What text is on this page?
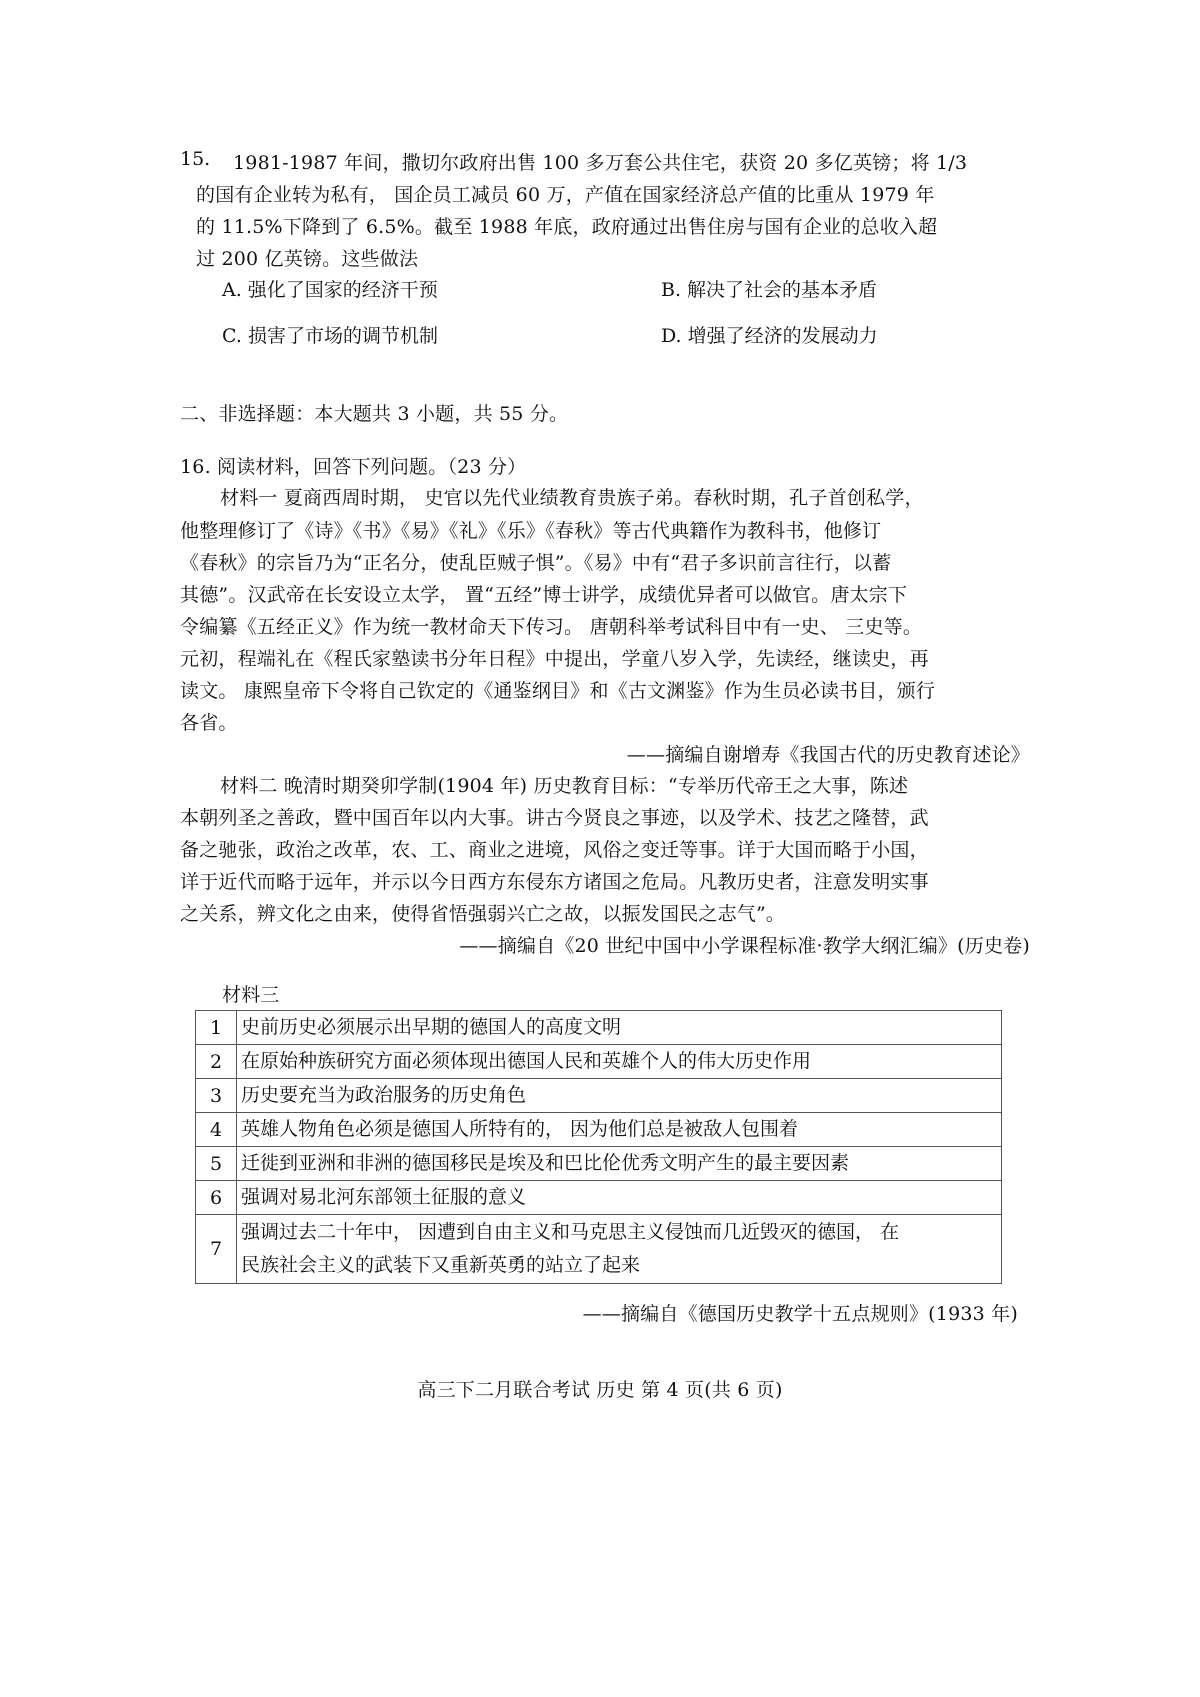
15. 1981-1987 年间，撒切尔政府出售 100 多万套公共住宅，获资 20 多亿英镑；将 1/3
的国有企业转为私有， 国企员工减员 60 万，产值在国家经济总产值的比重从 1979 年
的 11.5%下降到了 6.5%。截至 1988 年底，政府通过出售住房与国有企业的总收入超
过 200 亿英镑。这些做法
A. 强化了国家的经济干预	B. 解决了社会的基本矛盾
C. 损害了市场的调节机制	D. 增强了经济的发展动力
二、非选择题：本大题共 3 小题，共 55 分。
16. 阅读材料，回答下列问题。（23 分）
材料一 夏商西周时期， 史官以先代业绩教育贵族子弟。春秋时期，孔子首创私学，
他整理修订了《诗》《书》《易》《礼》《乐》《春秋》等古代典籍作为教科书，他修订
《春秋》的宗旨乃为“正名分，使乱臣贼子惧”。《易》中有“君子多识前言往行，以蓄
其德”。汉武帝在长安设立太学， 置“五经”博士讲学，成绩优异者可以做官。唐太宗下
令编纂《五经正义》作为统一教材命天下传习。 唐朝科举考试科目中有一史、 三史等。
元初，程端礼在《程氏家塾读书分年日程》中提出，学童八岁入学，先读经，继读史，再
读文。 康熙皇帝下令将自己钦定的《通鉴纲目》和《古文渊鉴》作为生员必读书目，颁行
各省。
——摘编自谢增寿《我国古代的历史教育述论》
材料二 晚清时期癸卯学制(1904 年) 历史教育目标：“专举历代帝王之大事，陈述
本朝列圣之善政，暨中国百年以内大事。讲古今贤良之事迹，以及学术、技艺之隆替，武
备之驰张，政治之改革，农、工、商业之进境，风俗之变迁等事。详于大国而略于小国，
详于近代而略于远年，并示以今日西方东侵东方诸国之危局。凡教历史者，注意发明实事
之关系，辨文化之由来，使得省悟强弱兴亡之故，以振发国民之志气”。
——摘编自《20 世纪中国中小学课程标准·教学大纲汇编》(历史卷)
材料三
1	史前历史必须展示出早期的德国人的高度文明
2	在原始种族研究方面必须体现出德国人民和英雄个人的伟大历史作用
3	历史要充当为政治服务的历史角色
4	英雄人物角色必须是德国人所特有的， 因为他们总是被敌人包围着
5	迁徙到亚洲和非洲的德国移民是埃及和巴比伦优秀文明产生的最主要因素
6	强调对易北河东部领土征服的意义
7	强调过去二十年中， 因遭到自由主义和马克思主义侵蚀而几近毁灭的德国， 在
民族社会主义的武装下又重新英勇的站立了起来
——摘编自《德国历史教学十五点规则》(1933 年)
高三下二月联合考试 历史 第 4 页(共 6 页)
